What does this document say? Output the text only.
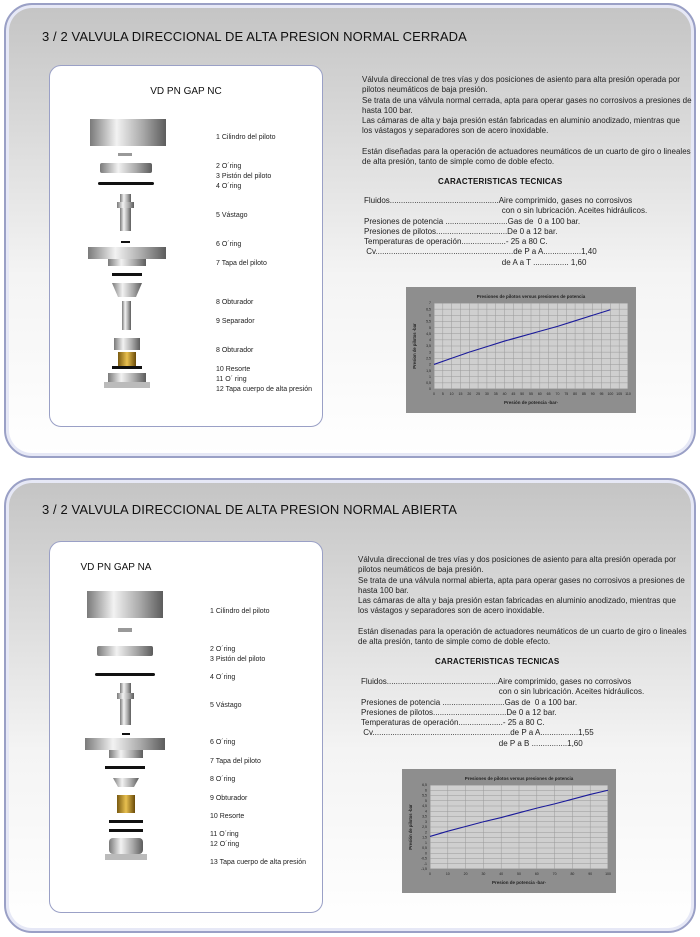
3 / 2 VALVULA DIRECCIONAL DE ALTA PRESION NORMAL CERRADA
VD PN GAP NC
1 Cilindro del piloto
2 O´ring
3 Pistón del piloto
4 O´ring
5 Vástago
6 O´ring
7 Tapa del piloto
8 Obturador
9 Separador
8 Obturador
10 Resorte
11 O´ ring
12 Tapa cuerpo de alta presión

Válvula direccional de tres vías y dos posiciones de asiento para alta presión operada por pilotos neumáticos de baja presión.
Se trata de una válvula normal cerrada, apta para operar gases no corrosivos a presiones de hasta 100 bar.
Las cámaras de alta y baja presión están fabricadas en aluminio anodizado, mientras que los vástagos y separadores son de acero inoxidable.

Están diseñadas para la operación de actuadores neumáticos de un cuarto de giro o lineales de alta presión, tanto de simple como de doble efecto.

CARACTERISTICAS TECNICAS
Fluidos.................................................Aire comprimido, gases no corrosivos
con o sin lubricación. Aceites hidráulicos.
Presiones de potencia ............................Gas de  0 a 100 bar.
Presiones de pilotos................................De 0 a 12 bar.
Temperaturas de operación....................- 25 a 80 C.
Cv..............................................................de P a A.................1,40
de A a T ................ 1,60
0 5 10 15 20 25 30 35 40 45 50 55 60 65 70 75 80 85 90 95 100 105 110
0
0,5
1
1,5
2
2,5
3
3,5
4
4,5
5
5,5
6
6,5
7
Presiones de pilotos versus presiones de potencia
Presión de potencia -bar-
Presion de pilotos -bar
3 / 2 VALVULA DIRECCIONAL DE ALTA PRESION NORMAL ABIERTA
VD PN GAP NA
1 Cilindro del piloto
2 O´ring
3 Pistón del piloto
4 O´ring
5 Vástago
6 O´ring
7 Tapa del piloto
8 O´ring
9 Obturador
10 Resorte
11 O´ring
12 O´ring
13 Tapa cuerpo de alta presión

Válvula direccional de tres vías y dos posiciones de asiento para alta presión operada por pilotos neumáticos de baja presión.
Se trata de una válvula normal abierta, apta para operar gases no corrosivos a presiones de hasta 100 bar.
Las cámaras de alta y baja presión estan fabricadas en aluminio anodizado, mientras que los vástagos y separadores son de acero inoxidable.

Están disenadas para la operación de actuadores neumáticos de un cuarto de giro o lineales de alta presión, tanto de simple como de doble efecto.

CARACTERISTICAS TECNICAS
Fluidos..................................................Aire comprimido, gases no corrosivos
con o sin lubricación. Aceites hidráulicos.
Presiones de potencia ............................Gas de  0 a 100 bar.
Presiones de pilotos.................................De 0 a 12 bar.
Temperaturas de operación....................- 25 a 80 C.
Cv..............................................................de P a A.................1,55
de P a B ................1,60
0	10	20	30	40	50	60	70	80	90	100
-1,5
-1
-0,5
0
0,5
1
1,5
2
2,5
3
3,5
4
4,5
5
5,5
6
6,5
Presiones de pilotos versus presiones de potencia
Presion de potencia -bar-
Presión de pilotos -bar
